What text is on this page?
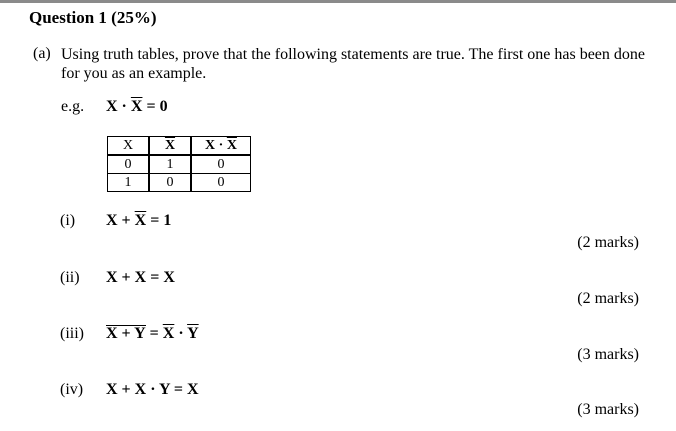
Question 1 (25%)
(a) Using truth tables, prove that the following statements are true. The first one has been done for you as an example.
e.g. $X \cdot \overline{X} = 0$
X	$\overline{X}$	$X \cdot \overline{X}$
0	1	0
1	0	0
(i) $X + \overline{X} = 1$
(2 marks)
(ii) X + X = X
(2 marks)
(iii) $X + Y = \overline{X} \cdot \overline{Y}$
(3 marks)
(iv) X + X · Y = X
(3 marks)
